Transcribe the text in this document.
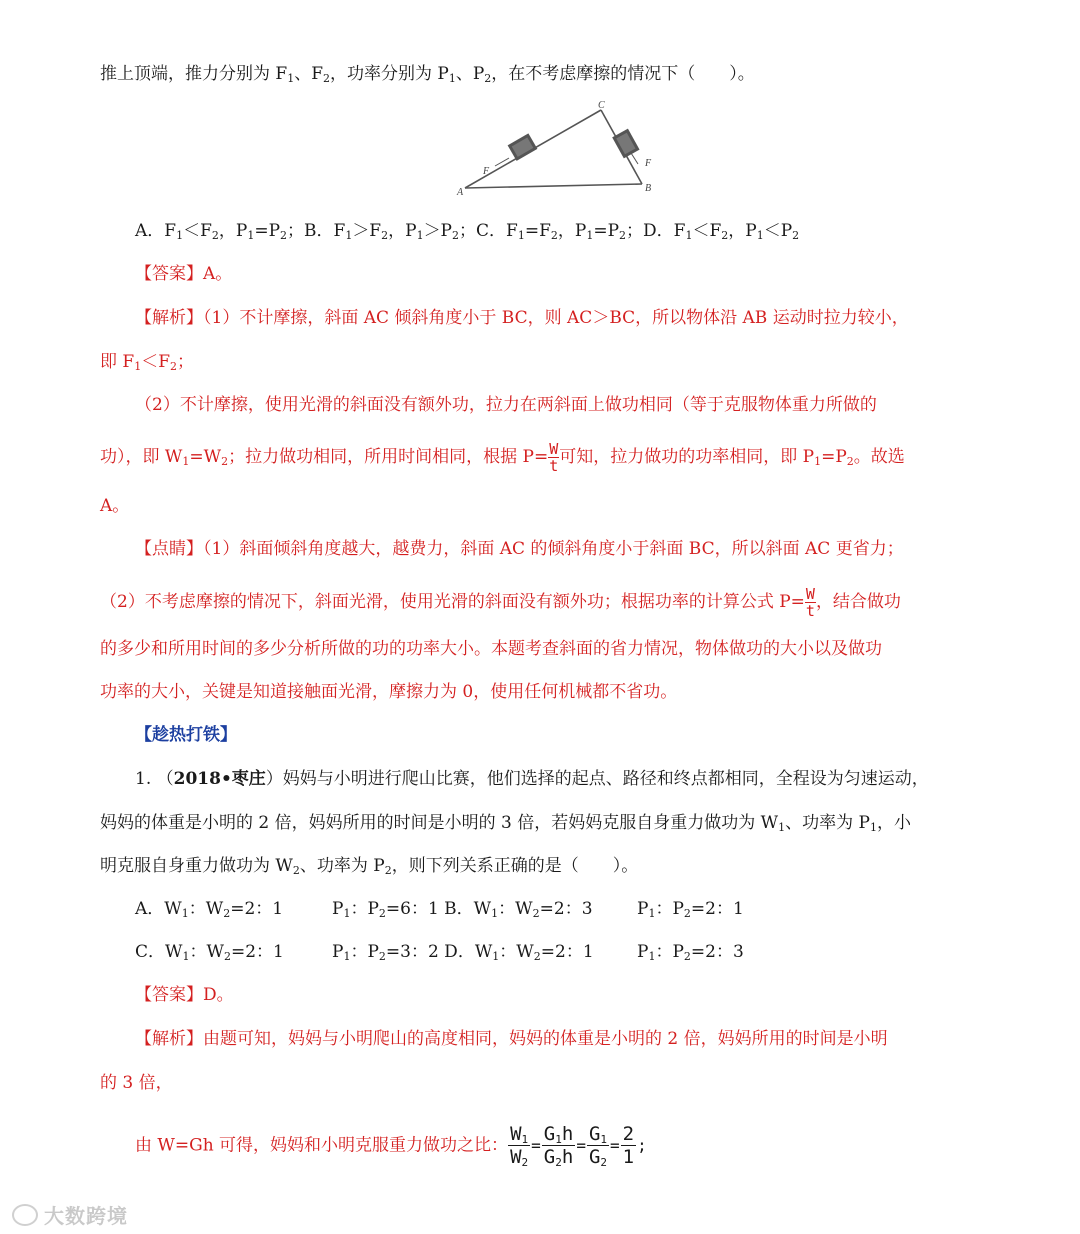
推上顶端，推力分别为 $F_1$、$F_2$，功率分别为 $P_1$、$P_2$，在不考虑摩擦的情况下（　　）。
A	B
C
F
F
A．$F_1<F_2$，$P_1=P_2$；B．$F_1>F_2$，$P_1>P_2$；C．$F_1=F_2$，$P_1=P_2$；D．$F_1<F_2$，$P_1<P_2$
【答案】A。
【解析】（1）不计摩擦，斜面 AC 倾斜角度小于 BC，则 AC＞BC，所以物体沿 AB 运动时拉力较小，
即 $F_1<F_2$；
（2）不计摩擦，使用光滑的斜面没有额外功，拉力在两斜面上做功相同（等于克服物体重力所做的
功），即 $W_1=W_2$；拉力做功相同，所用时间相同，根据 $P= \frac{W}{t}$ 可知，拉力做功的功率相同，即 $P_1=P_2$。故选
A。
【点睛】（1）斜面倾斜角度越大，越费力，斜面 AC 的倾斜角度小于斜面 BC，所以斜面 AC 更省力；
（2）不考虑摩擦的情况下，斜面光滑，使用光滑的斜面没有额外功；根据功率的计算公式 $P= \frac{W}{t}$ ，结合做功
的多少和所用时间的多少分析所做的功的功率大小。本题考查斜面的省力情况，物体做功的大小以及做功
功率的大小，关键是知道接触面光滑，摩擦力为 0，使用任何机械都不省功。
【趁热打铁】
1. （2018•枣庄）妈妈与小明进行爬山比赛，他们选择的起点、路径和终点都相同，全程设为匀速运动，
妈妈的体重是小明的 2 倍，妈妈所用的时间是小明的 3 倍，若妈妈克服自身重力做功为 $W_1$、功率为 $P_1$，小
明克服自身重力做功为 $W_2$、功率为 $P_2$，则下列关系正确的是（　　）。
A．$W_1$：$W_2=2$：1	$P_1$：$P_2=6$：1 B．$W_1$：$W_2=2$：3	$P_1$：$P_2=2$：1
C．$W_1$：$W_2=2$：1	$P_1$：$P_2=3$：2 D．$W_1$：$W_2=2$：1	$P_1$：$P_2=2$：3
【答案】D。
【解析】由题可知，妈妈与小明爬山的高度相同，妈妈的体重是小明的 2 倍，妈妈所用的时间是小明
的 3 倍，
由 W=Gh 可得，妈妈和小明克服重力做功之比： $\frac{W_1}{W_2} = \frac{G_1h}{G_2h} = \frac{G_1}{G_2} = \frac{2}{1}$ ;
大数跨境
